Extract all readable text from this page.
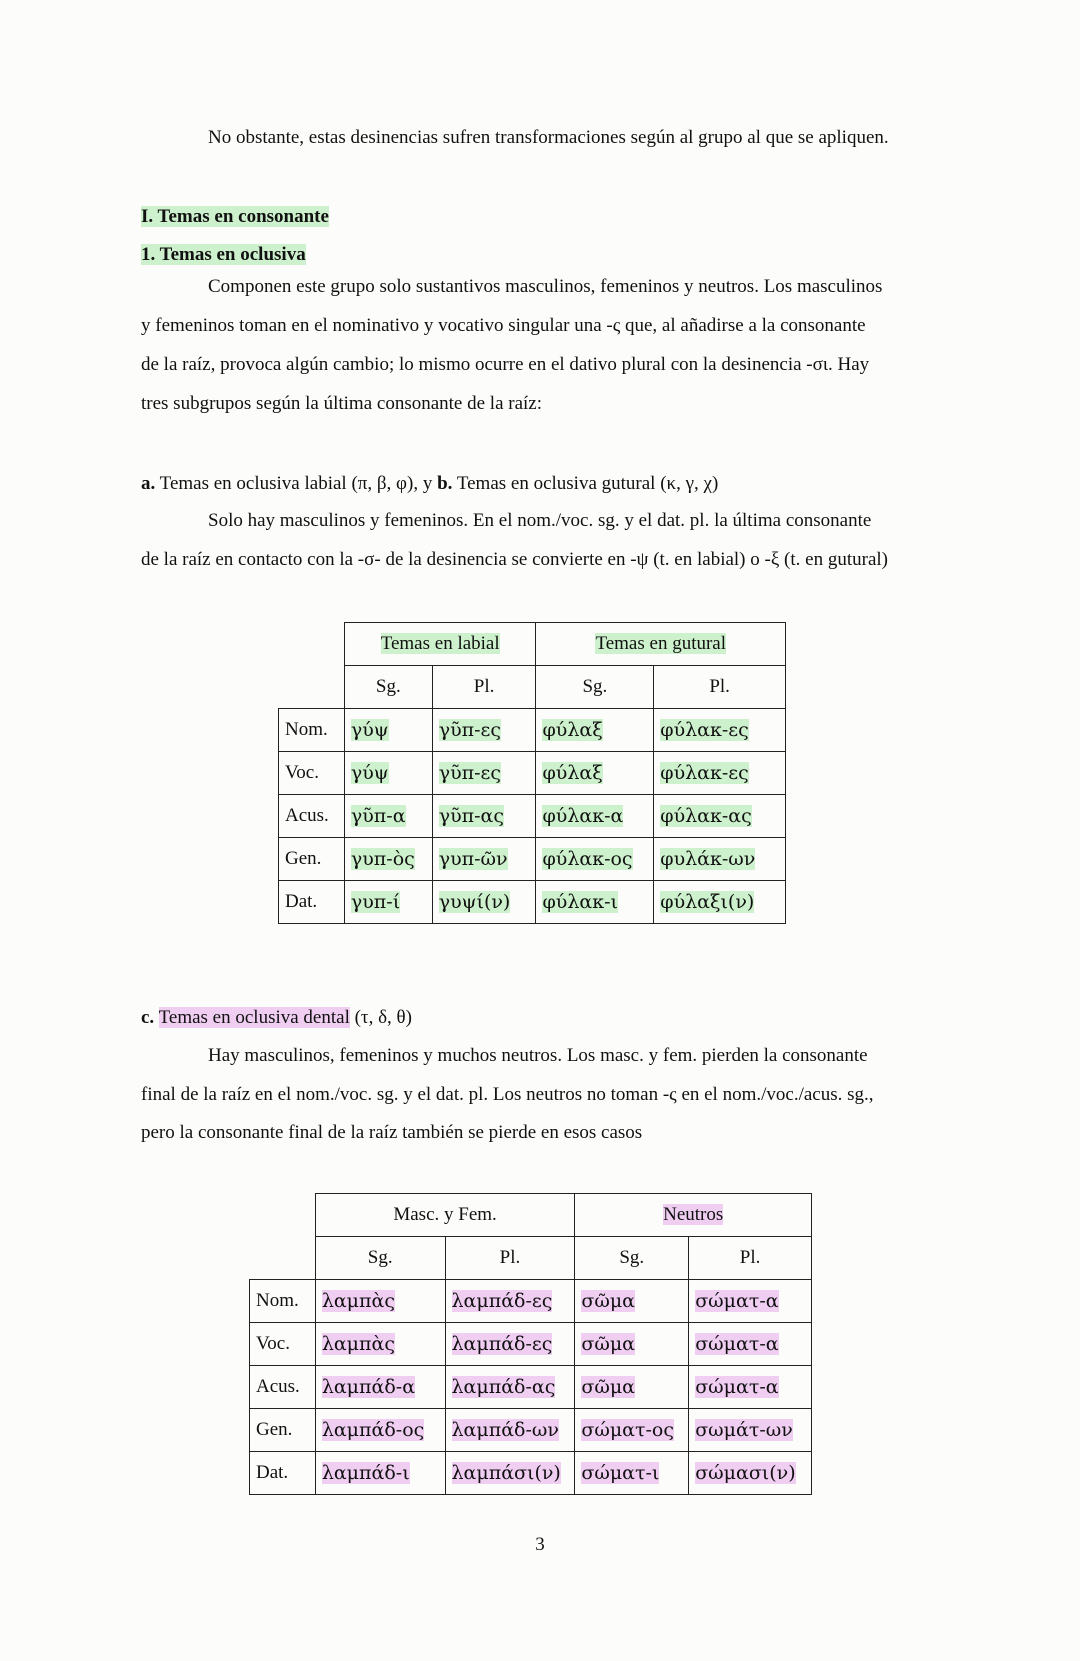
No obstante, estas desinencias sufren transformaciones según al grupo al que se apliquen.
I. Temas en consonante
1. Temas en oclusiva
Componen este grupo solo sustantivos masculinos, femeninos y neutros. Los masculinos
y femeninos toman en el nominativo y vocativo singular una -ς que, al añadirse a la consonante
de la raíz, provoca algún cambio; lo mismo ocurre en el dativo plural con la desinencia -σι. Hay
tres subgrupos según la última consonante de la raíz:
a. Temas en oclusiva labial (π, β, φ), y b. Temas en oclusiva gutural (κ, γ, χ)
Solo hay masculinos y femeninos. En el nom./voc. sg. y el dat. pl. la última consonante
de la raíz en contacto con la -σ- de la desinencia se convierte en -ψ (t. en labial) o -ξ (t. en gutural)
	Temas en labial		Temas en gutural	
	Sg.	Pl.	Sg.	Pl.
Nom.	γύψ	γῦπ-ες	φύλαξ	φύλακ-ες
Voc.	γύψ	γῦπ-ες	φύλαξ	φύλακ-ες
Acus.	γῦπ-α	γῦπ-ας	φύλακ-α	φύλακ-ας
Gen.	γυπ-ὸς	γυπ-ῶν	φύλακ-ος	φυλάκ-ων
Dat.	γυπ-ί	γυψί(ν)	φύλακ-ι	φύλαξι(ν)
c. Temas en oclusiva dental (τ, δ, θ)
Hay masculinos, femeninos y muchos neutros. Los masc. y fem. pierden la consonante
final de la raíz en el nom./voc. sg. y el dat. pl. Los neutros no toman -ς en el nom./voc./acus. sg.,
pero la consonante final de la raíz también se pierde en esos casos
	Masc. y Fem.		Neutros	
	Sg.	Pl.	Sg.	Pl.
Nom.	λαμπὰς	λαμπάδ-ες	σῶμα	σώματ-α
Voc.	λαμπὰς	λαμπάδ-ες	σῶμα	σώματ-α
Acus.	λαμπάδ-α	λαμπάδ-ας	σῶμα	σώματ-α
Gen.	λαμπάδ-ος	λαμπάδ-ων	σώματ-ος	σωμάτ-ων
Dat.	λαμπάδ-ι	λαμπάσι(ν)	σώματ-ι	σώμασι(ν)
3
